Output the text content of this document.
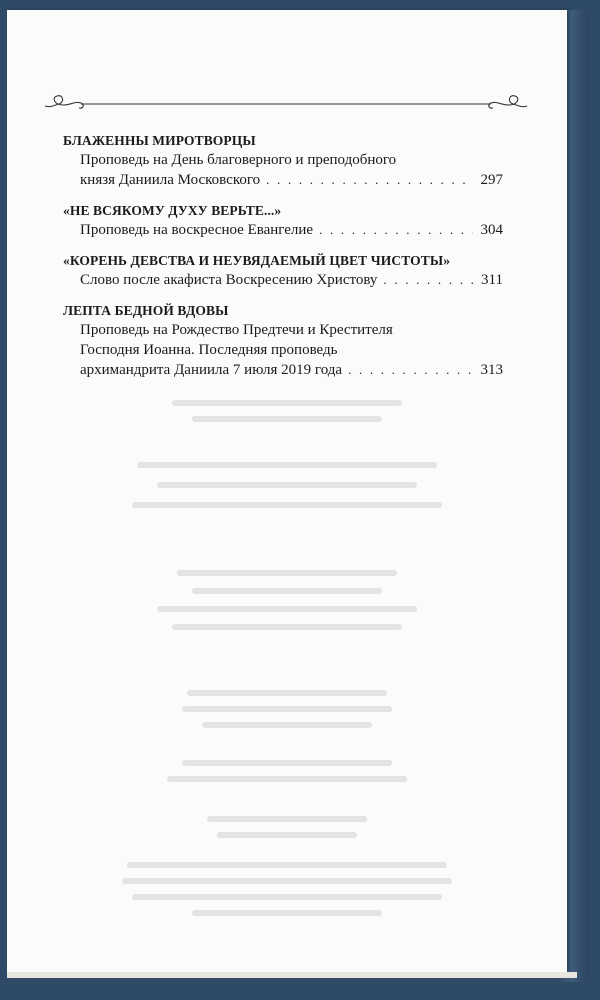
БЛАЖЕННЫ МИРОТВОРЦЫ
Проповедь на День благоверного и преподобного
князя Даниила Московского . . .	297
«НЕ ВСЯКОМУ ДУХУ ВЕРЬТЕ...»
Проповедь на воскресное Евангелие . . .	304
«КОРЕНЬ ДЕВСТВА И НЕУВЯДАЕМЫЙ ЦВЕТ ЧИСТОТЫ»
Слово после акафиста Воскресению Христову . . .	311
ЛЕПТА БЕДНОЙ ВДОВЫ
Проповедь на Рождество Предтечи и Крестителя
Господня Иоанна. Последняя проповедь
архимандрита Даниила 7 июля 2019 года . . .	313
